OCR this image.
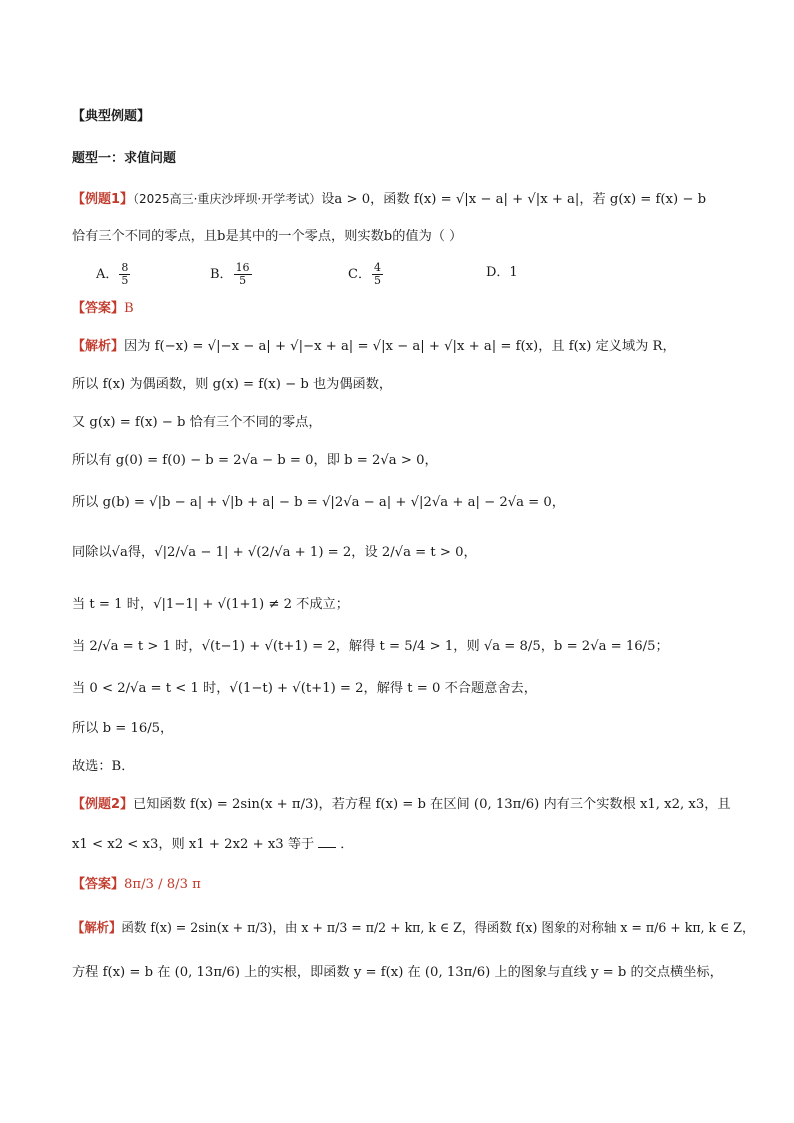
【典型例题】
题型一：求值问题
【例题1】（2025高三·重庆沙坪坝·开学考试）设a > 0，函数 f(x) = √|x − a| + √|x + a|，若 g(x) = f(x) − b
恰有三个不同的零点，且b是其中的一个零点，则实数b的值为（ ）
A． $\frac{8}{5}$	B． $\frac{16}{5}$	C． $\frac{4}{5}$	D．1
【答案】B
【解析】因为 f(−x) = √|−x − a| + √|−x + a| = √|x − a| + √|x + a| = f(x)，且 f(x) 定义域为 R，
所以 f(x) 为偶函数，则 g(x) = f(x) − b 也为偶函数，
又 g(x) = f(x) − b 恰有三个不同的零点，
所以有 g(0) = f(0) − b = 2√a − b = 0，即 b = 2√a > 0，
所以 g(b) = √|b − a| + √|b + a| − b = √|2√a − a| + √|2√a + a| − 2√a = 0，
同除以√a得，√|2/√a − 1| + √(2/√a + 1) = 2，设 2/√a = t > 0，
当 t = 1 时，√|1−1| + √(1+1) ≠ 2 不成立；
当 2/√a = t > 1 时，√(t−1) + √(t+1) = 2，解得 t = 5/4 > 1，则 √a = 8/5，b = 2√a = 16/5；
当 0 < 2/√a = t < 1 时，√(1−t) + √(t+1) = 2，解得 t = 0 不合题意舍去，
所以 b = 16/5，
故选：B．
【例题2】已知函数 f(x) = 2sin(x + π/3)，若方程 f(x) = b 在区间 (0, 13π/6) 内有三个实数根 x1, x2, x3，且
x1 < x2 < x3，则 x1 + 2x2 + x3 等于 ．
【答案】8π/3 / 8/3 π
【解析】函数 f(x) = 2sin(x + π/3)，由 x + π/3 = π/2 + kπ, k ∈ Z，得函数 f(x) 图象的对称轴 x = π/6 + kπ, k ∈ Z，
方程 f(x) = b 在 (0, 13π/6) 上的实根，即函数 y = f(x) 在 (0, 13π/6) 上的图象与直线 y = b 的交点横坐标，
